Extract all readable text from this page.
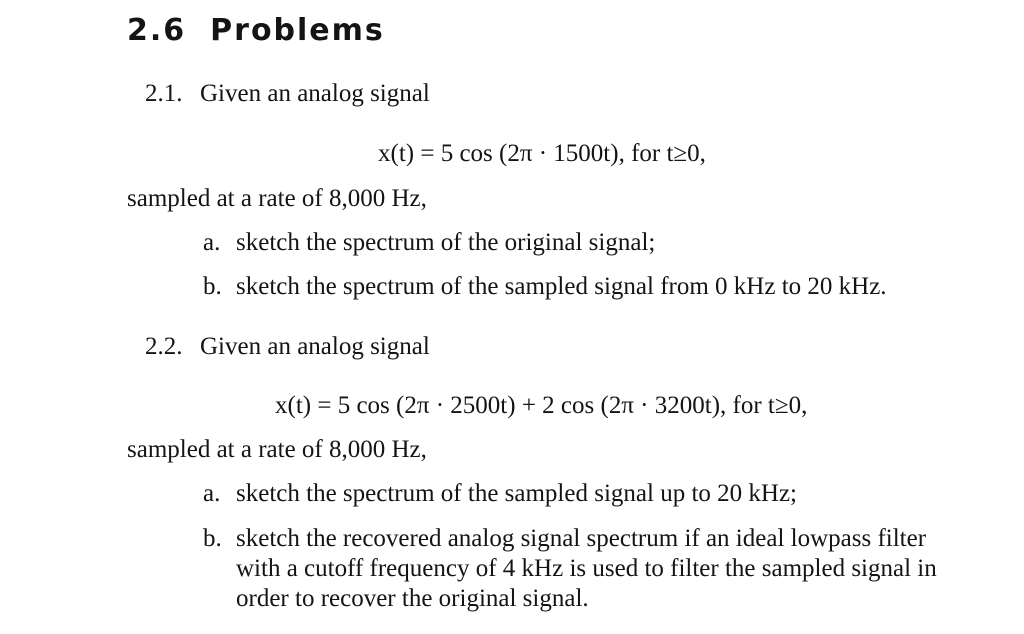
2.6 Problems
2.1. Given an analog signal
x(t) = 5 cos (2π · 1500t), for t≥0,
sampled at a rate of 8,000 Hz,
a. sketch the spectrum of the original signal;
b. sketch the spectrum of the sampled signal from 0 kHz to 20 kHz.
2.2. Given an analog signal
x(t) = 5 cos (2π · 2500t) + 2 cos (2π · 3200t), for t≥0,
sampled at a rate of 8,000 Hz,
a. sketch the spectrum of the sampled signal up to 20 kHz;
b. sketch the recovered analog signal spectrum if an ideal lowpass filter
with a cutoff frequency of 4 kHz is used to filter the sampled signal in
order to recover the original signal.
